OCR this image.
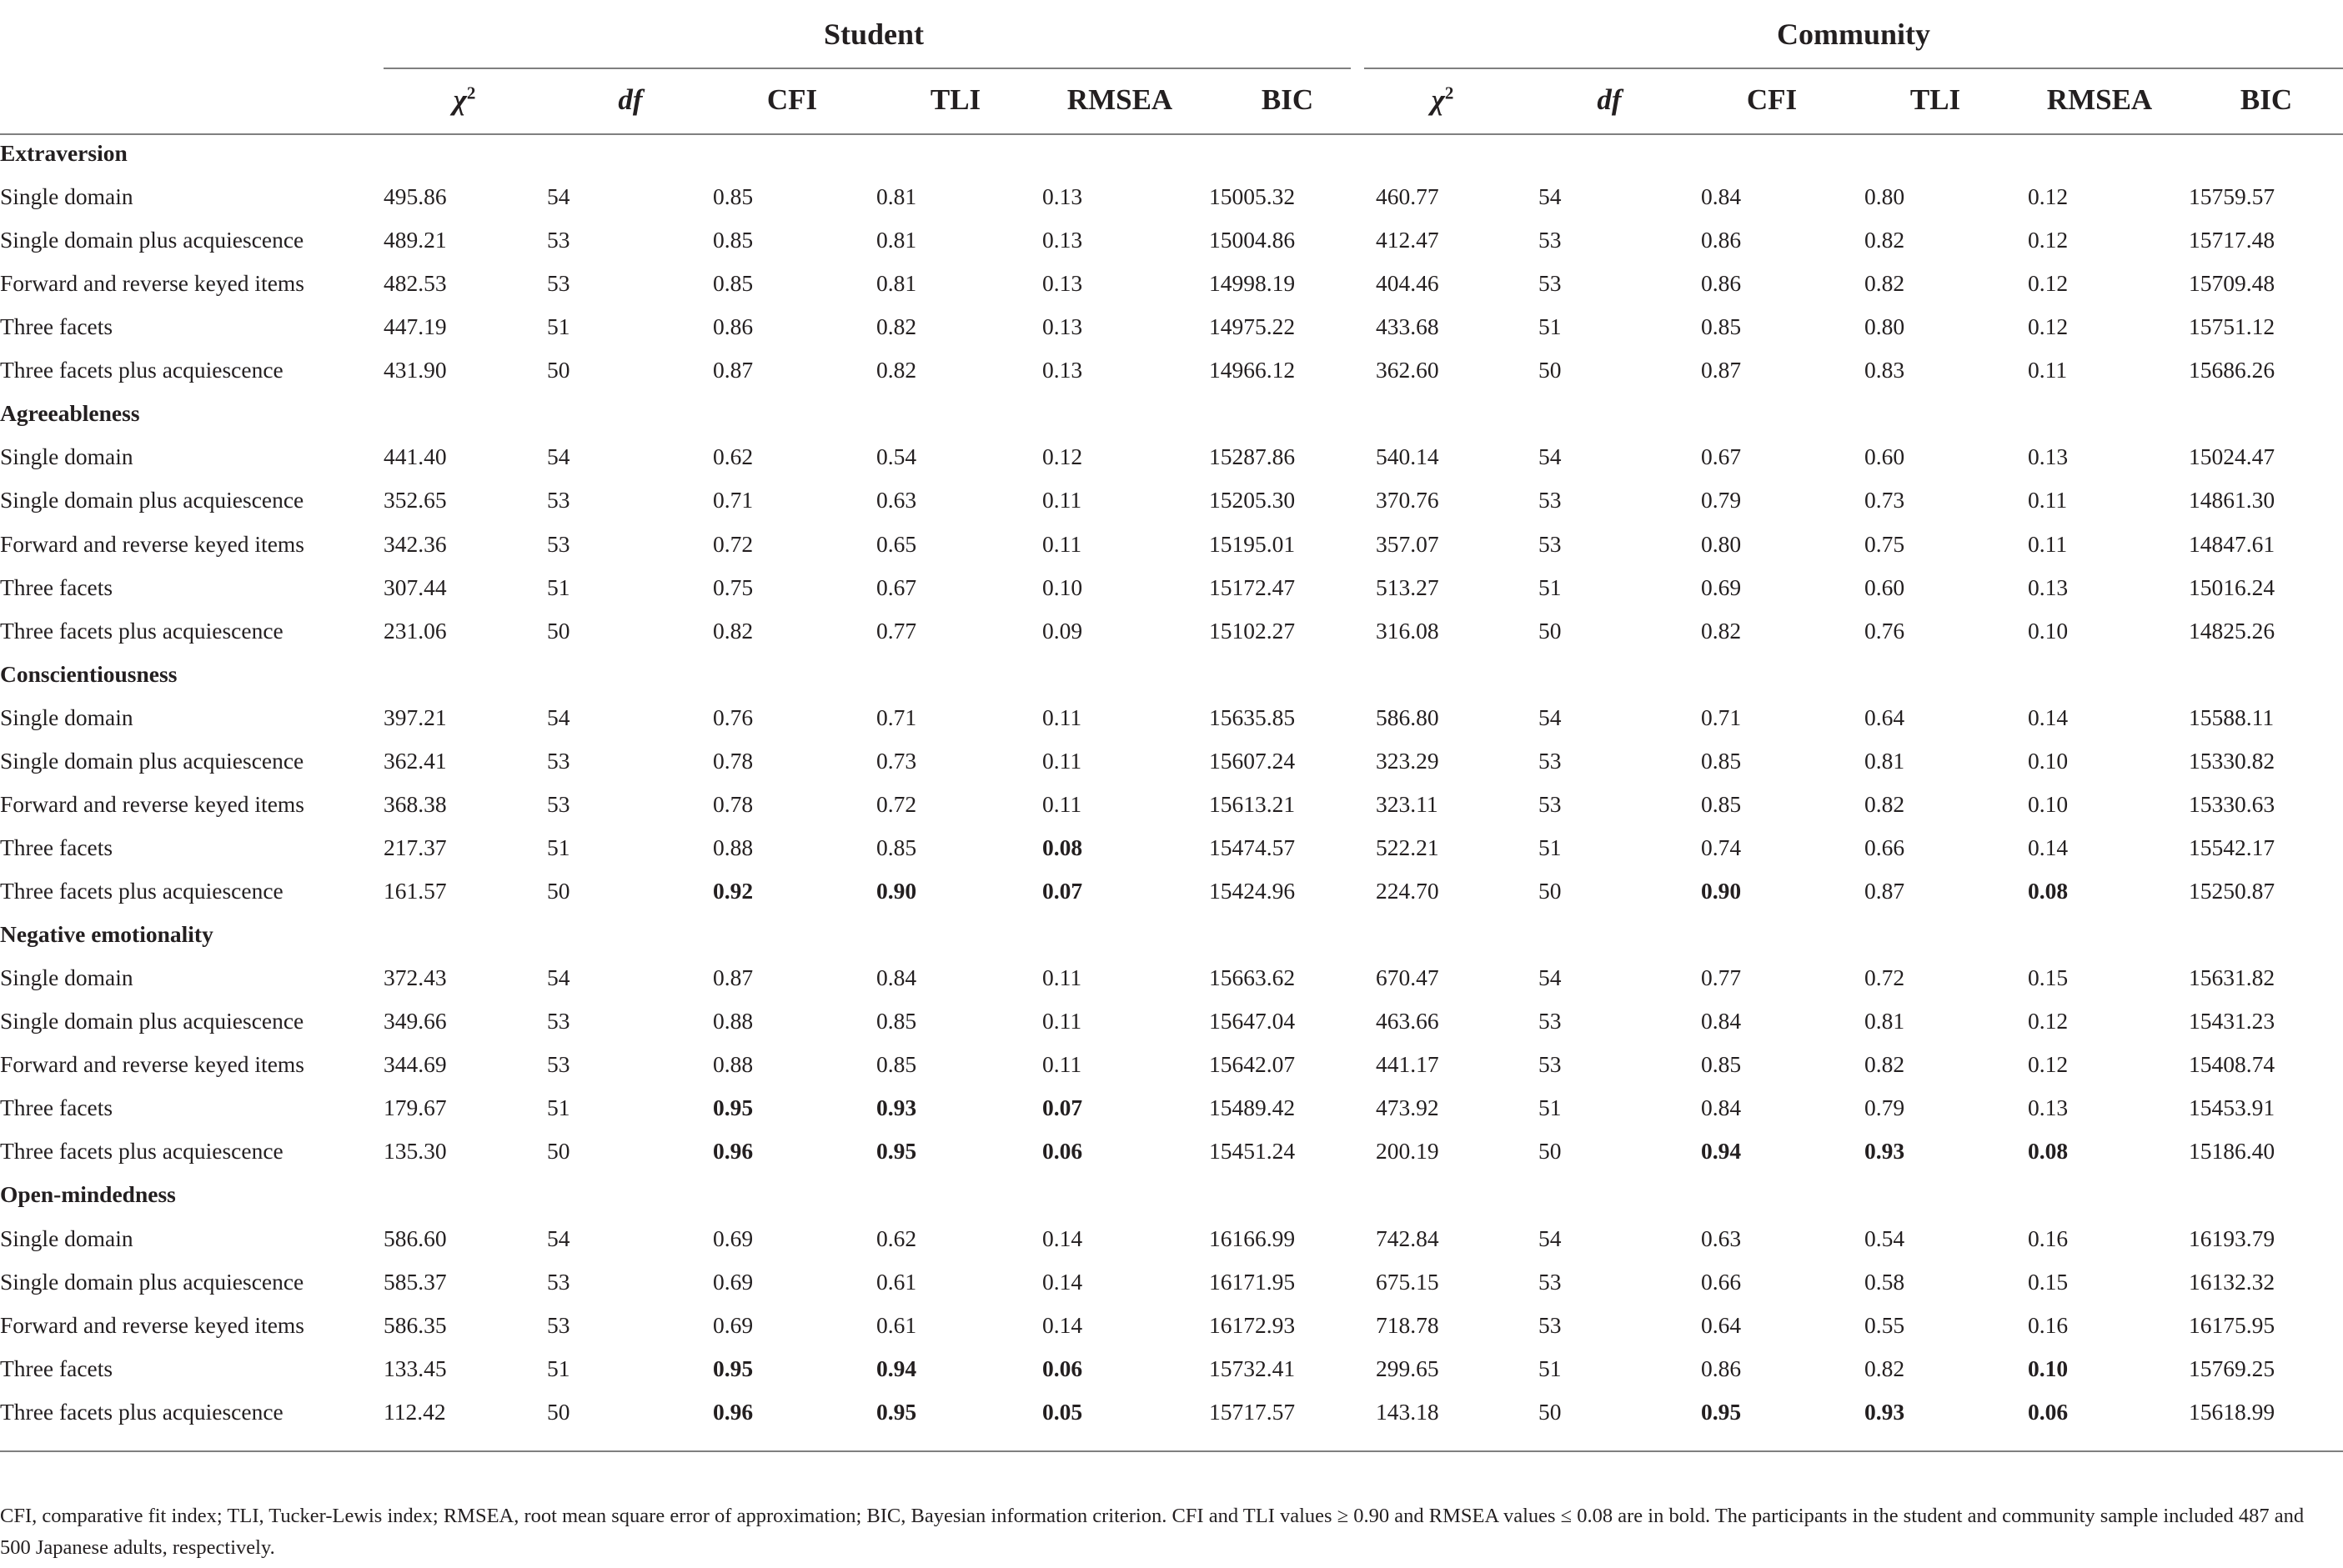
Student	Community
$\chi^2$	df	CFI	TLI	RMSEA	BIC	$\chi^2$	df	CFI	TLI	RMSEA	BIC
Extraversion
Single domain	495.86	54	0.85	0.81	0.13	15005.32	460.77	54	0.84	0.80	0.12	15759.57
Single domain plus acquiescence	489.21	53	0.85	0.81	0.13	15004.86	412.47	53	0.86	0.82	0.12	15717.48
Forward and reverse keyed items	482.53	53	0.85	0.81	0.13	14998.19	404.46	53	0.86	0.82	0.12	15709.48
Three facets	447.19	51	0.86	0.82	0.13	14975.22	433.68	51	0.85	0.80	0.12	15751.12
Three facets plus acquiescence	431.90	50	0.87	0.82	0.13	14966.12	362.60	50	0.87	0.83	0.11	15686.26
Agreeableness
Single domain	441.40	54	0.62	0.54	0.12	15287.86	540.14	54	0.67	0.60	0.13	15024.47
Single domain plus acquiescence	352.65	53	0.71	0.63	0.11	15205.30	370.76	53	0.79	0.73	0.11	14861.30
Forward and reverse keyed items	342.36	53	0.72	0.65	0.11	15195.01	357.07	53	0.80	0.75	0.11	14847.61
Three facets	307.44	51	0.75	0.67	0.10	15172.47	513.27	51	0.69	0.60	0.13	15016.24
Three facets plus acquiescence	231.06	50	0.82	0.77	0.09	15102.27	316.08	50	0.82	0.76	0.10	14825.26
Conscientiousness
Single domain	397.21	54	0.76	0.71	0.11	15635.85	586.80	54	0.71	0.64	0.14	15588.11
Single domain plus acquiescence	362.41	53	0.78	0.73	0.11	15607.24	323.29	53	0.85	0.81	0.10	15330.82
Forward and reverse keyed items	368.38	53	0.78	0.72	0.11	15613.21	323.11	53	0.85	0.82	0.10	15330.63
Three facets	217.37	51	0.88	0.85	0.08	15474.57	522.21	51	0.74	0.66	0.14	15542.17
Three facets plus acquiescence	161.57	50	0.92	0.90	0.07	15424.96	224.70	50	0.90	0.87	0.08	15250.87
Negative emotionality
Single domain	372.43	54	0.87	0.84	0.11	15663.62	670.47	54	0.77	0.72	0.15	15631.82
Single domain plus acquiescence	349.66	53	0.88	0.85	0.11	15647.04	463.66	53	0.84	0.81	0.12	15431.23
Forward and reverse keyed items	344.69	53	0.88	0.85	0.11	15642.07	441.17	53	0.85	0.82	0.12	15408.74
Three facets	179.67	51	0.95	0.93	0.07	15489.42	473.92	51	0.84	0.79	0.13	15453.91
Three facets plus acquiescence	135.30	50	0.96	0.95	0.06	15451.24	200.19	50	0.94	0.93	0.08	15186.40
Open-mindedness
Single domain	586.60	54	0.69	0.62	0.14	16166.99	742.84	54	0.63	0.54	0.16	16193.79
Single domain plus acquiescence	585.37	53	0.69	0.61	0.14	16171.95	675.15	53	0.66	0.58	0.15	16132.32
Forward and reverse keyed items	586.35	53	0.69	0.61	0.14	16172.93	718.78	53	0.64	0.55	0.16	16175.95
Three facets	133.45	51	0.95	0.94	0.06	15732.41	299.65	51	0.86	0.82	0.10	15769.25
Three facets plus acquiescence	112.42	50	0.96	0.95	0.05	15717.57	143.18	50	0.95	0.93	0.06	15618.99
CFI, comparative fit index; TLI, Tucker-Lewis index; RMSEA, root mean square error of approximation; BIC, Bayesian information criterion. CFI and TLI values ≥ 0.90 and RMSEA values ≤ 0.08 are in bold. The participants in the student and community sample included 487 and 500 Japanese adults, respectively.
